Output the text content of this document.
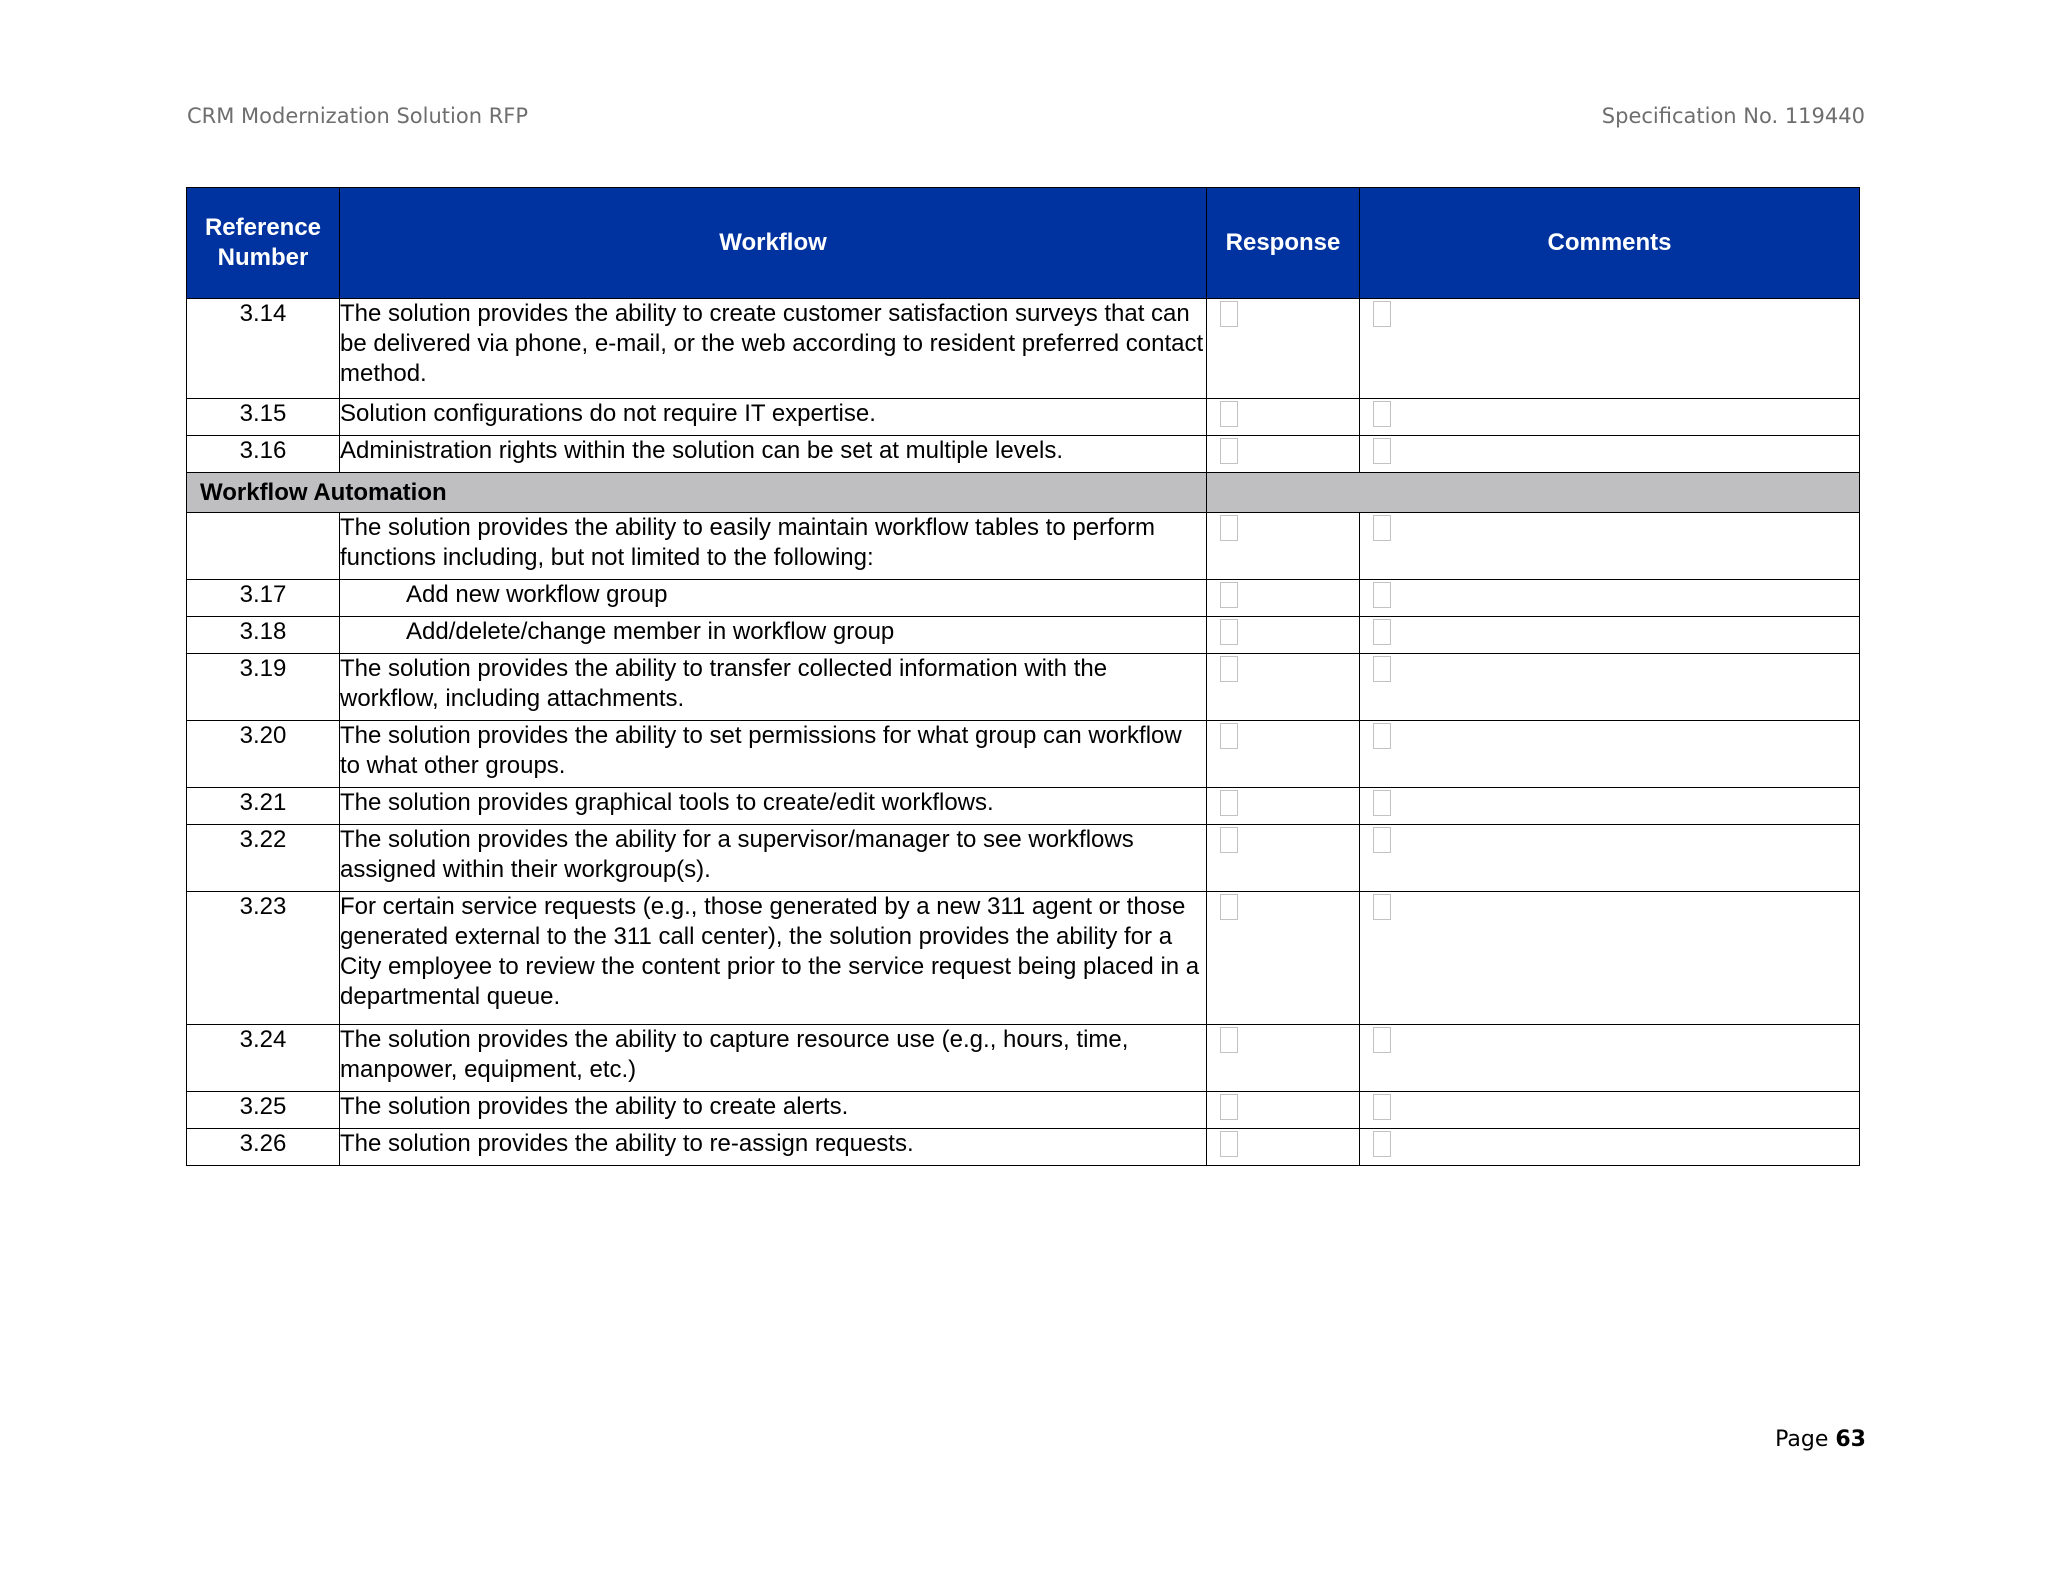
CRM Modernization Solution RFP	Specification No. 119440
Reference Number	Workflow	Response	Comments
3.14	The solution provides the ability to create customer satisfaction surveys that can be delivered via phone, e-mail, or the web according to resident preferred contact method.		
3.15	Solution configurations do not require IT expertise.		
3.16	Administration rights within the solution can be set at multiple levels.		
Workflow Automation			
	The solution provides the ability to easily maintain workflow tables to perform functions including, but not limited to the following:		
3.17	Add new workflow group		
3.18	Add/delete/change member in workflow group		
3.19	The solution provides the ability to transfer collected information with the workflow, including attachments.		
3.20	The solution provides the ability to set permissions for what group can workflow to what other groups.		
3.21	The solution provides graphical tools to create/edit workflows.		
3.22	The solution provides the ability for a supervisor/manager to see workflows assigned within their workgroup(s).		
3.23	For certain service requests (e.g., those generated by a new 311 agent or those generated external to the 311 call center), the solution provides the ability for a City employee to review the content prior to the service request being placed in a departmental queue.		
3.24	The solution provides the ability to capture resource use (e.g., hours, time, manpower, equipment, etc.)		
3.25	The solution provides the ability to create alerts.		
3.26	The solution provides the ability to re-assign requests.		
Page 63
